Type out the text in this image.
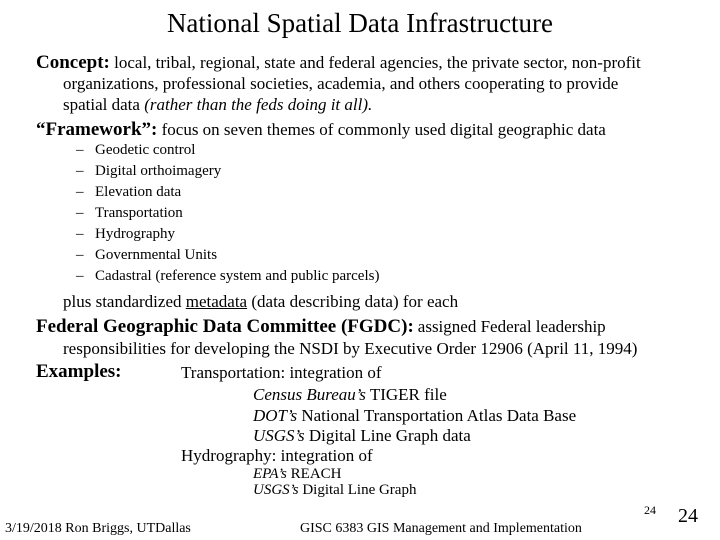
National Spatial Data Infrastructure
Concept: local, tribal, regional, state and federal agencies, the private sector, non-profit
organizations, professional societies, academia, and others cooperating to provide
spatial data (rather than the feds doing it all).
“Framework”: focus on seven themes of commonly used digital geographic data
– Geodetic control
– Digital orthoimagery
– Elevation data
– Transportation
– Hydrography
– Governmental Units
– Cadastral (reference system and public parcels)
plus standardized metadata (data describing data) for each
Federal Geographic Data Committee (FGDC): assigned Federal leadership
responsibilities for developing the NSDI by Executive Order 12906 (April 11, 1994)
Examples:	Transportation: integration of
Census Bureau’s TIGER file
DOT’s National Transportation Atlas Data Base
USGS’s Digital Line Graph data
Hydrography: integration of
EPA’s REACH
USGS’s Digital Line Graph
3/19/2018 Ron Briggs, UTDallas	GISC 6383 GIS Management and Implementation
24 24
